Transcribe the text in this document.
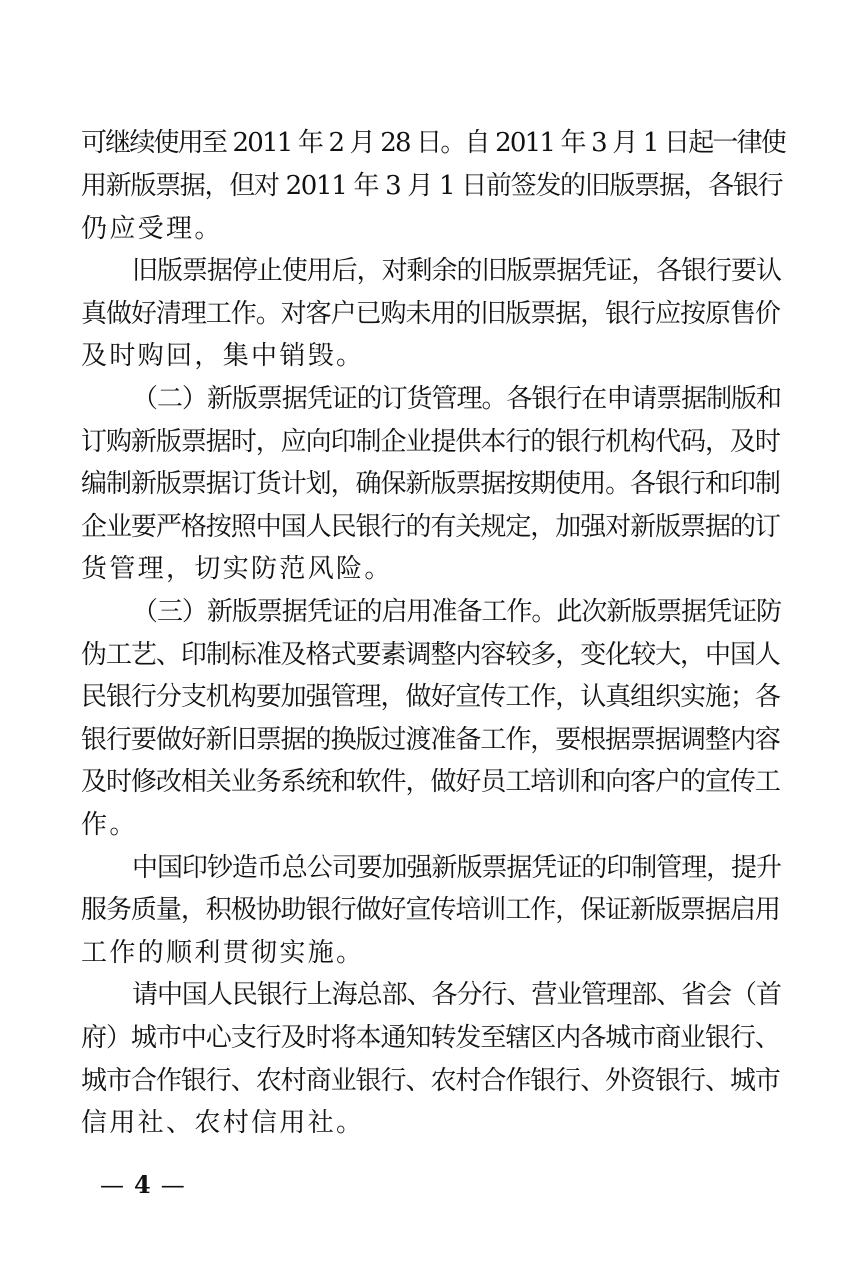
可继续使用至 2011 年 2 月 28 日。自 2011 年 3 月 1 日起一律使
用新版票据，但对 2011 年 3 月 1 日前签发的旧版票据，各银行
仍应受理。
旧版票据停止使用后，对剩余的旧版票据凭证，各银行要认
真做好清理工作。对客户已购未用的旧版票据，银行应按原售价
及时购回，集中销毁。
（二）新版票据凭证的订货管理。各银行在申请票据制版和
订购新版票据时，应向印制企业提供本行的银行机构代码，及时
编制新版票据订货计划，确保新版票据按期使用。各银行和印制
企业要严格按照中国人民银行的有关规定，加强对新版票据的订
货管理，切实防范风险。
（三）新版票据凭证的启用准备工作。此次新版票据凭证防
伪工艺、印制标准及格式要素调整内容较多，变化较大，中国人
民银行分支机构要加强管理，做好宣传工作，认真组织实施；各
银行要做好新旧票据的换版过渡准备工作，要根据票据调整内容
及时修改相关业务系统和软件，做好员工培训和向客户的宣传工
作。
中国印钞造币总公司要加强新版票据凭证的印制管理，提升
服务质量，积极协助银行做好宣传培训工作，保证新版票据启用
工作的顺利贯彻实施。
请中国人民银行上海总部、各分行、营业管理部、省会（首
府）城市中心支行及时将本通知转发至辖区内各城市商业银行、
城市合作银行、农村商业银行、农村合作银行、外资银行、城市
信用社、农村信用社。
— 4 —
